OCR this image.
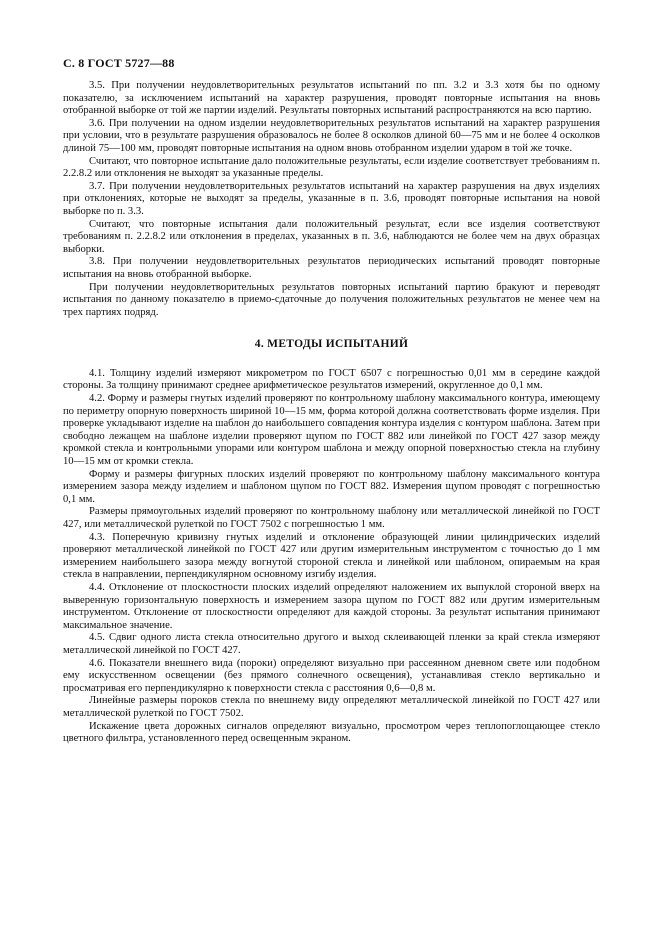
С. 8 ГОСТ 5727—88

3.5. При получении неудовлетворительных результатов испытаний по пп. 3.2 и 3.3 хотя бы по одному показателю, за исключением испытаний на характер разрушения, проводят повторные испытания на вновь отобранной выборке от той же партии изделий. Результаты повторных испытаний распространяются на всю партию.

3.6. При получении на одном изделии неудовлетворительных результатов испытаний на характер разрушения при условии, что в результате разрушения образовалось не более 8 осколков длиной 60—75 мм и не более 4 осколков длиной 75—100 мм, проводят повторные испытания на одном вновь отобранном изделии ударом в той же точке.

Считают, что повторное испытание дало положительные результаты, если изделие соответствует требованиям п. 2.2.8.2 или отклонения не выходят за указанные пределы.

3.7. При получении неудовлетворительных результатов испытаний на характер разрушения на двух изделиях при отклонениях, которые не выходят за пределы, указанные в п. 3.6, проводят повторные испытания на новой выборке по п. 3.3.

Считают, что повторные испытания дали положительный результат, если все изделия соответствуют требованиям п. 2.2.8.2 или отклонения в пределах, указанных в п. 3.6, наблюдаются не более чем на двух образцах выборки.

3.8. При получении неудовлетворительных результатов периодических испытаний проводят повторные испытания на вновь отобранной выборке.

При получении неудовлетворительных результатов повторных испытаний партию бракуют и переводят испытания по данному показателю в приемо-сдаточные до получения положительных результатов не менее чем на трех партиях подряд.

4. МЕТОДЫ ИСПЫТАНИЙ

4.1. Толщину изделий измеряют микрометром по ГОСТ 6507 с погрешностью 0,01 мм в середине каждой стороны. За толщину принимают среднее арифметическое результатов измерений, округленное до 0,1 мм.

4.2. Форму и размеры гнутых изделий проверяют по контрольному шаблону максимального контура, имеющему по периметру опорную поверхность шириной 10—15 мм, форма которой должна соответствовать форме изделия. При проверке укладывают изделие на шаблон до наибольшего совпадения контура изделия с контуром шаблона. Затем при свободно лежащем на шаблоне изделии проверяют щупом по ГОСТ 882 или линейкой по ГОСТ 427 зазор между кромкой стекла и контрольными упорами или контуром шаблона и между опорной поверхностью стекла на глубину 10—15 мм от кромки стекла.

Форму и размеры фигурных плоских изделий проверяют по контрольному шаблону максимального контура измерением зазора между изделием и шаблоном щупом по ГОСТ 882. Измерения щупом проводят с погрешностью 0,1 мм.

Размеры прямоугольных изделий проверяют по контрольному шаблону или металлической линейкой по ГОСТ 427, или металлической рулеткой по ГОСТ 7502 с погрешностью 1 мм.

4.3. Поперечную кривизну гнутых изделий и отклонение образующей линии цилиндрических изделий проверяют металлической линейкой по ГОСТ 427 или другим измерительным инструментом с точностью до 1 мм измерением наибольшего зазора между вогнутой стороной стекла и линейкой или шаблоном, опираемым на края стекла в направлении, перпендикулярном основному изгибу изделия.

4.4. Отклонение от плоскостности плоских изделий определяют наложением их выпуклой стороной вверх на выверенную горизонтальную поверхность и измерением зазора щупом по ГОСТ 882 или другим измерительным инструментом. Отклонение от плоскостности определяют для каждой стороны. За результат испытания принимают максимальное значение.

4.5. Сдвиг одного листа стекла относительно другого и выход склеивающей пленки за край стекла измеряют металлической линейкой по ГОСТ 427.

4.6. Показатели внешнего вида (пороки) определяют визуально при рассеянном дневном свете или подобном ему искусственном освещении (без прямого солнечного освещения), устанавливая стекло вертикально и просматривая его перпендикулярно к поверхности стекла с расстояния 0,6—0,8 м.

Линейные размеры пороков стекла по внешнему виду определяют металлической линейкой по ГОСТ 427 или металлической рулеткой по ГОСТ 7502.

Искажение цвета дорожных сигналов определяют визуально, просмотром через теплопоглощающее стекло цветного фильтра, установленного перед освещенным экраном.
